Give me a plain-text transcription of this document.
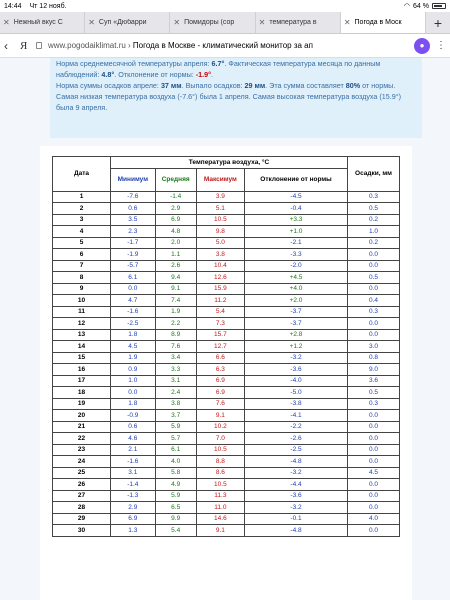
14:44 Чт 12 нояб.	◠ 64 %
✕ Нежный вкус С	✕ Суп «Дюбарри	✕ Помидоры (сор	✕ температура в	✕ Погода в Моск	+
‹	Я	www.pogodaiklimat.ru › Погода в Москве - климатический монитор за ап	●	⋮
Норма среднемесячной температуры апреля: 6.7°. Фактическая температура месяца по данным наблюдений: 4.8°. Отклонение от нормы: -1.9°.
Норма суммы осадков апреле: 37 мм. Выпало осадков: 29 мм. Эта сумма составляет 80% от нормы.
Самая низкая температура воздуха (-7.6°) была 1 апреля. Самая высокая температура воздуха (15.9°) была 9 апреля.
Дата	Температура воздуха, °С				Осадки, мм
	Минимум	Средняя	Максимум	Отклонение от нормы	
1	-7.6	-1.4	3.9	-4.5	0.3
2	0.6	2.9	5.1	-0.4	0.5
3	3.5	6.9	10.5	+3.3	0.2
4	2.3	4.8	9.8	+1.0	1.0
5	-1.7	2.0	5.0	-2.1	0.2
6	-1.9	1.1	3.8	-3.3	0.0
7	-5.7	2.6	10.4	-2.0	0.0
8	6.1	9.4	12.6	+4.5	0.5
9	0.0	9.1	15.9	+4.0	0.0
10	4.7	7.4	11.2	+2.0	0.4
11	-1.6	1.9	5.4	-3.7	0.3
12	-2.5	2.2	7.3	-3.7	0.0
13	1.8	8.9	15.7	+2.8	0.0
14	4.5	7.6	12.7	+1.2	3.0
15	1.9	3.4	6.6	-3.2	0.8
16	0.9	3.3	6.3	-3.6	9.0
17	1.0	3.1	6.9	-4.0	3.6
18	0.0	2.4	6.9	-5.0	0.5
19	1.8	3.8	7.6	-3.8	0.3
20	-0.9	3.7	9.1	-4.1	0.0
21	0.6	5.9	10.2	-2.2	0.0
22	4.6	5.7	7.0	-2.6	0.0
23	2.1	6.1	10.5	-2.5	0.0
24	-1.6	4.0	8.8	-4.8	0.0
25	3.1	5.8	8.6	-3.2	4.5
26	-1.4	4.9	10.5	-4.4	0.0
27	-1.3	5.9	11.3	-3.6	0.0
28	2.9	6.5	11.0	-3.2	0.0
29	6.9	9.9	14.6	-0.1	4.0
30	1.3	5.4	9.1	-4.8	0.0
